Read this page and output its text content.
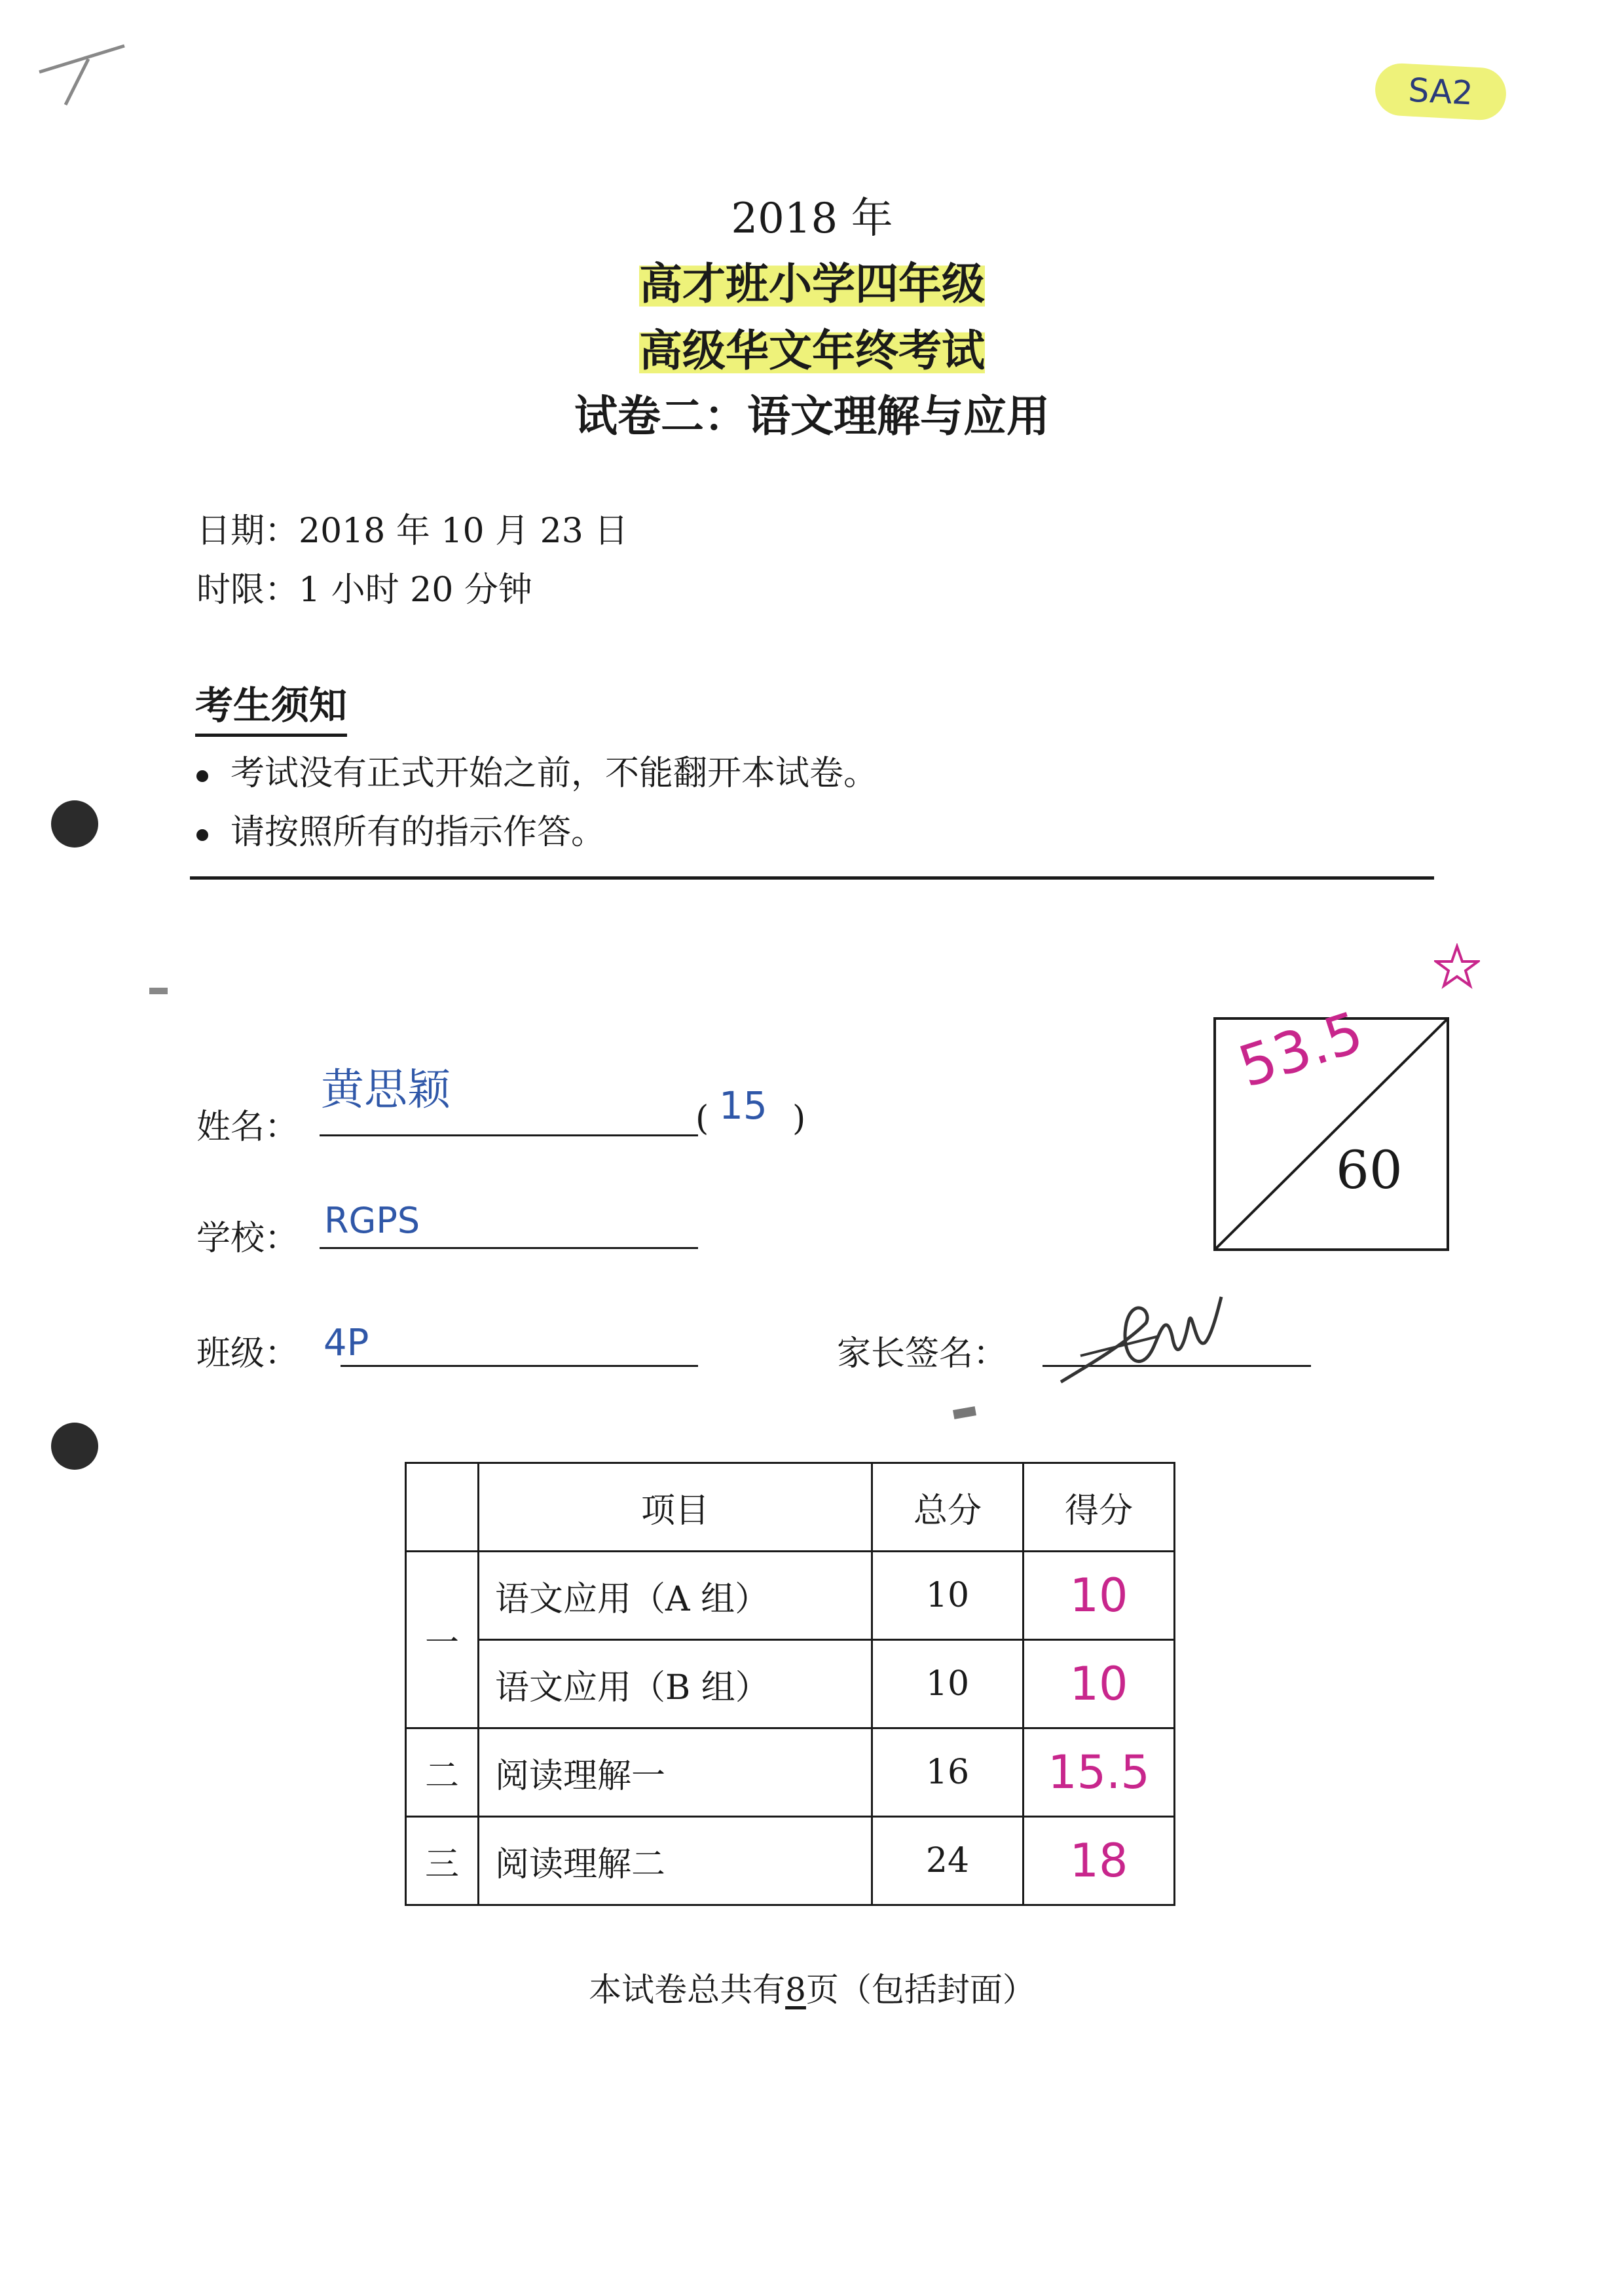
SA2
2018 年
高才班小学四年级
高级华文年终考试
试卷二：语文理解与应用
日期：2018 年 10 月 23 日
时限：1 小时 20 分钟
考生须知
考试没有正式开始之前，不能翻开本试卷。
请按照所有的指示作答。
姓名：
黄思颖
( 15 )
学校： RGPS
班级： 4P	家长签名：
53.5
60
	项目	总分	得分
一	语文应用（A 组）	10	10
	语文应用（B 组）	10	10
二	阅读理解一	16	15.5
三	阅读理解二	24	18
本试卷总共有8页（包括封面）
